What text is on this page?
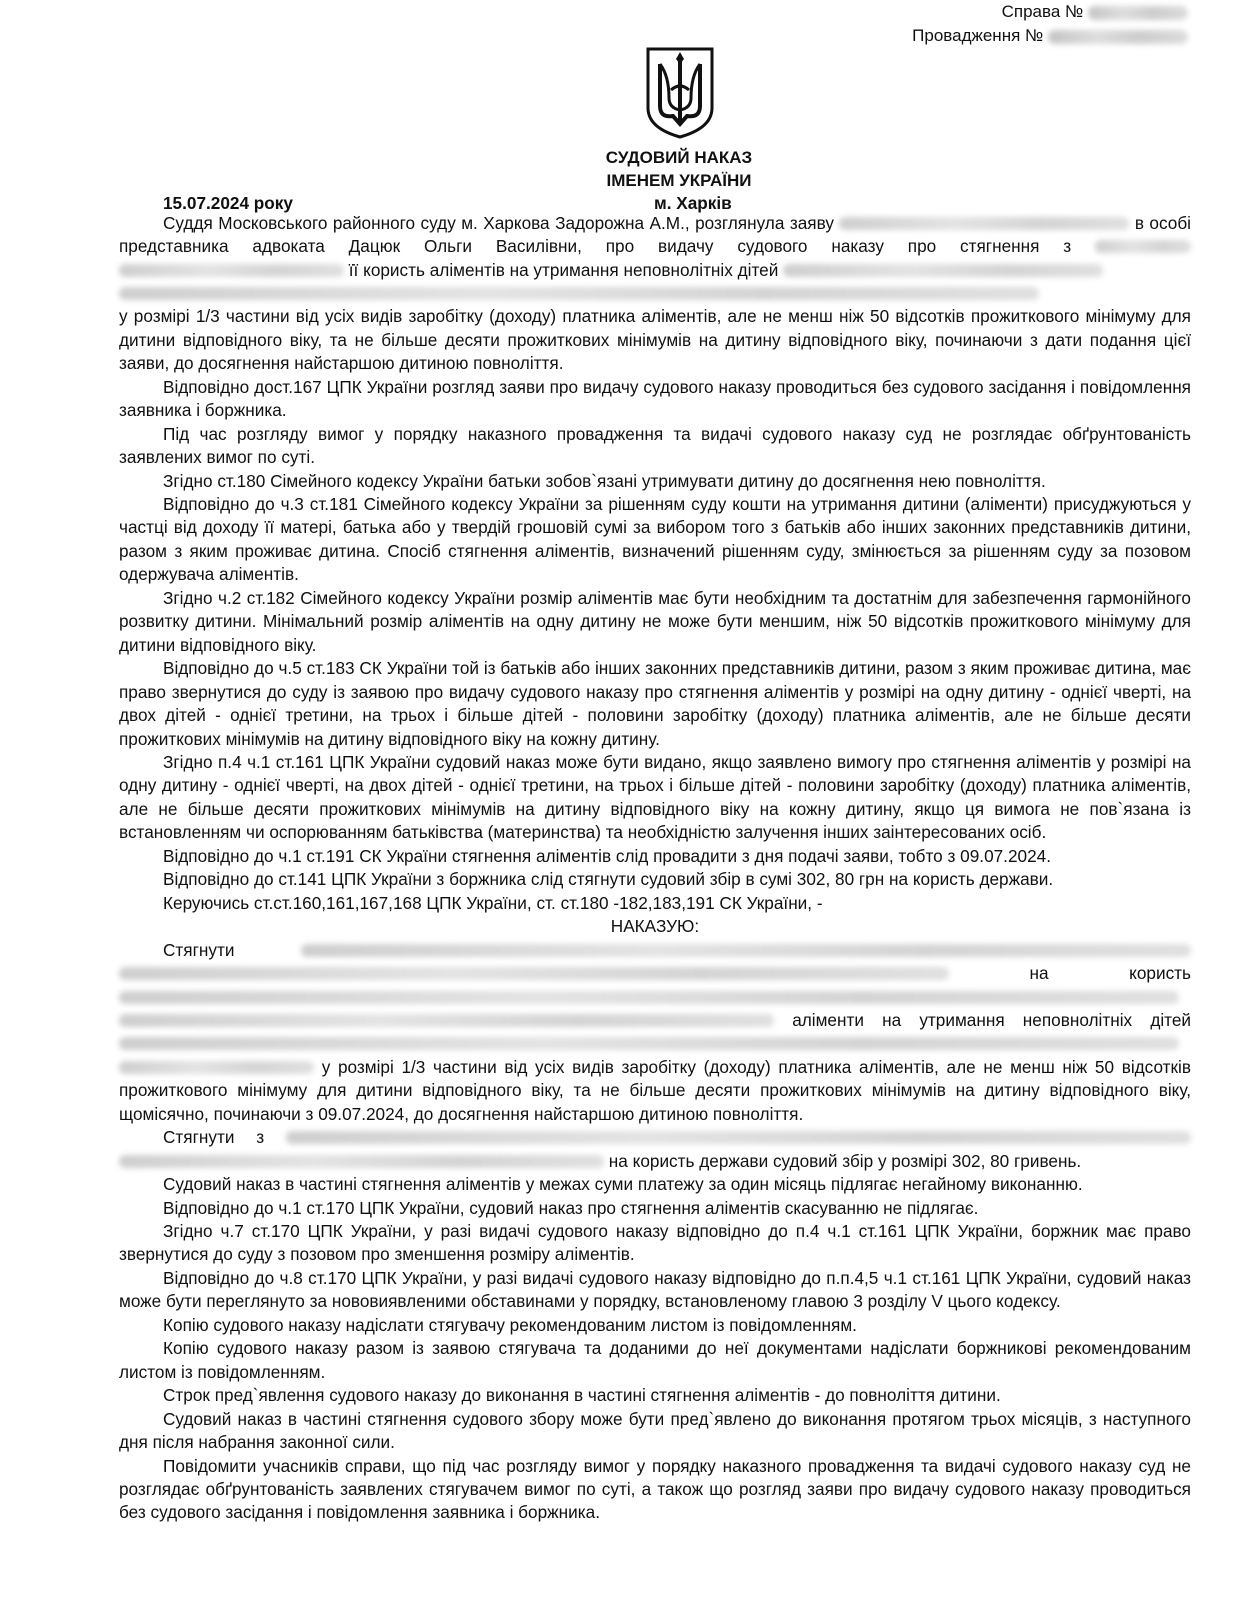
Справа №
Провадження №
СУДОВИЙ НАКАЗ
ІМЕНЕМ УКРАЇНИ
15.07.2024 року	м. Харків

Суддя Московського районного суду м. Харкова Задорожна А.М., розглянула заяву	в особі представника адвоката Дацюк Ольги Василівни, про видачу судового наказу про стягнення з   її користь аліментів на утримання неповнолітніх дітей
у розмірі 1/3 частини від усіх видів заробітку (доходу) платника аліментів, але не менш ніж 50 відсотків прожиткового мінімуму для дитини відповідного віку, та не більше десяти прожиткових мінімумів на дитину відповідного віку, починаючи з дати подання цієї заяви, до досягнення найстаршою дитиною повноліття.

Відповідно дост.167 ЦПК України розгляд заяви про видачу судового наказу проводиться без судового засідання і повідомлення заявника і боржника.

Під час розгляду вимог у порядку наказного провадження та видачі судового наказу суд не розглядає обґрунтованість заявлених вимог по суті.

Згідно ст.180 Сімейного кодексу України батьки зобов`язані утримувати дитину до досягнення нею повноліття.

Відповідно до ч.3 ст.181 Сімейного кодексу України за рішенням суду кошти на утримання дитини (аліменти) присуджуються у частці від доходу її матері, батька або у твердій грошовій сумі за вибором того з батьків або інших законних представників дитини, разом з яким проживає дитина. Спосіб стягнення аліментів, визначений рішенням суду, змінюється за рішенням суду за позовом одержувача аліментів.

Згідно ч.2 ст.182 Сімейного кодексу України розмір аліментів має бути необхідним та достатнім для забезпечення гармонійного розвитку дитини. Мінімальний розмір аліментів на одну дитину не може бути меншим, ніж 50 відсотків прожиткового мінімуму для дитини відповідного віку.

Відповідно до ч.5 ст.183 СК України той із батьків або інших законних представників дитини, разом з яким проживає дитина, має право звернутися до суду із заявою про видачу судового наказу про стягнення аліментів у розмірі на одну дитину - однієї чверті, на двох дітей - однієї третини, на трьох і більше дітей - половини заробітку (доходу) платника аліментів, але не більше десяти прожиткових мінімумів на дитину відповідного віку на кожну дитину.

Згідно п.4 ч.1 ст.161 ЦПК України судовий наказ може бути видано, якщо заявлено вимогу про стягнення аліментів у розмірі на одну дитину - однієї чверті, на двох дітей - однієї третини, на трьох і більше дітей - половини заробітку (доходу) платника аліментів, але не більше десяти прожиткових мінімумів на дитину відповідного віку на кожну дитину, якщо ця вимога не пов`язана із встановленням чи оспорюванням батьківства (материнства) та необхідністю залучення інших заінтересованих осіб.

Відповідно до ч.1 ст.191 СК України стягнення аліментів слід провадити з дня подачі заяви, тобто з 09.07.2024.

Відповідно до ст.141 ЦПК України з боржника слід стягнути судовий збір в сумі 302, 80 грн на користь держави.

Керуючись ст.ст.160,161,167,168 ЦПК України, ст. ст.180 -182,183,191 СК України, -

НАКАЗУЮ:

Стягнути   на користь   аліменти на утримання неповнолітніх дітей   у розмірі 1/3 частини від усіх видів заробітку (доходу) платника аліментів, але не менш ніж 50 відсотків прожиткового мінімуму для дитини відповідного віку, та не більше десяти прожиткових мінімумів на дитину відповідного віку, щомісячно, починаючи з 09.07.2024, до досягнення найстаршою дитиною повноліття.

Стягнути з   на користь держави судовий збір у розмірі 302, 80 гривень.

Судовий наказ в частині стягнення аліментів у межах суми платежу за один місяць підлягає негайному виконанню.

Відповідно до ч.1 ст.170 ЦПК України, судовий наказ про стягнення аліментів скасуванню не підлягає.

Згідно ч.7 ст.170 ЦПК України, у разі видачі судового наказу відповідно до п.4 ч.1 ст.161 ЦПК України, боржник має право звернутися до суду з позовом про зменшення розміру аліментів.

Відповідно до ч.8 ст.170 ЦПК України, у разі видачі судового наказу відповідно до п.п.4,5 ч.1 ст.161 ЦПК України, судовий наказ може бути переглянуто за нововиявленими обставинами у порядку, встановленому главою 3 розділу V цього кодексу.

Копію судового наказу надіслати стягувачу рекомендованим листом із повідомленням.

Копію судового наказу разом із заявою стягувача та доданими до неї документами надіслати боржникові рекомендованим листом із повідомленням.

Строк пред`явлення судового наказу до виконання в частині стягнення аліментів - до повноліття дитини.

Судовий наказ в частині стягнення судового збору може бути пред`явлено до виконання протягом трьох місяців, з наступного дня після набрання законної сили.

Повідомити учасників справи, що під час розгляду вимог у порядку наказного провадження та видачі судового наказу суд не розглядає обґрунтованість заявлених стягувачем вимог по суті, а також що розгляд заяви про видачу судового наказу проводиться без судового засідання і повідомлення заявника і боржника.
